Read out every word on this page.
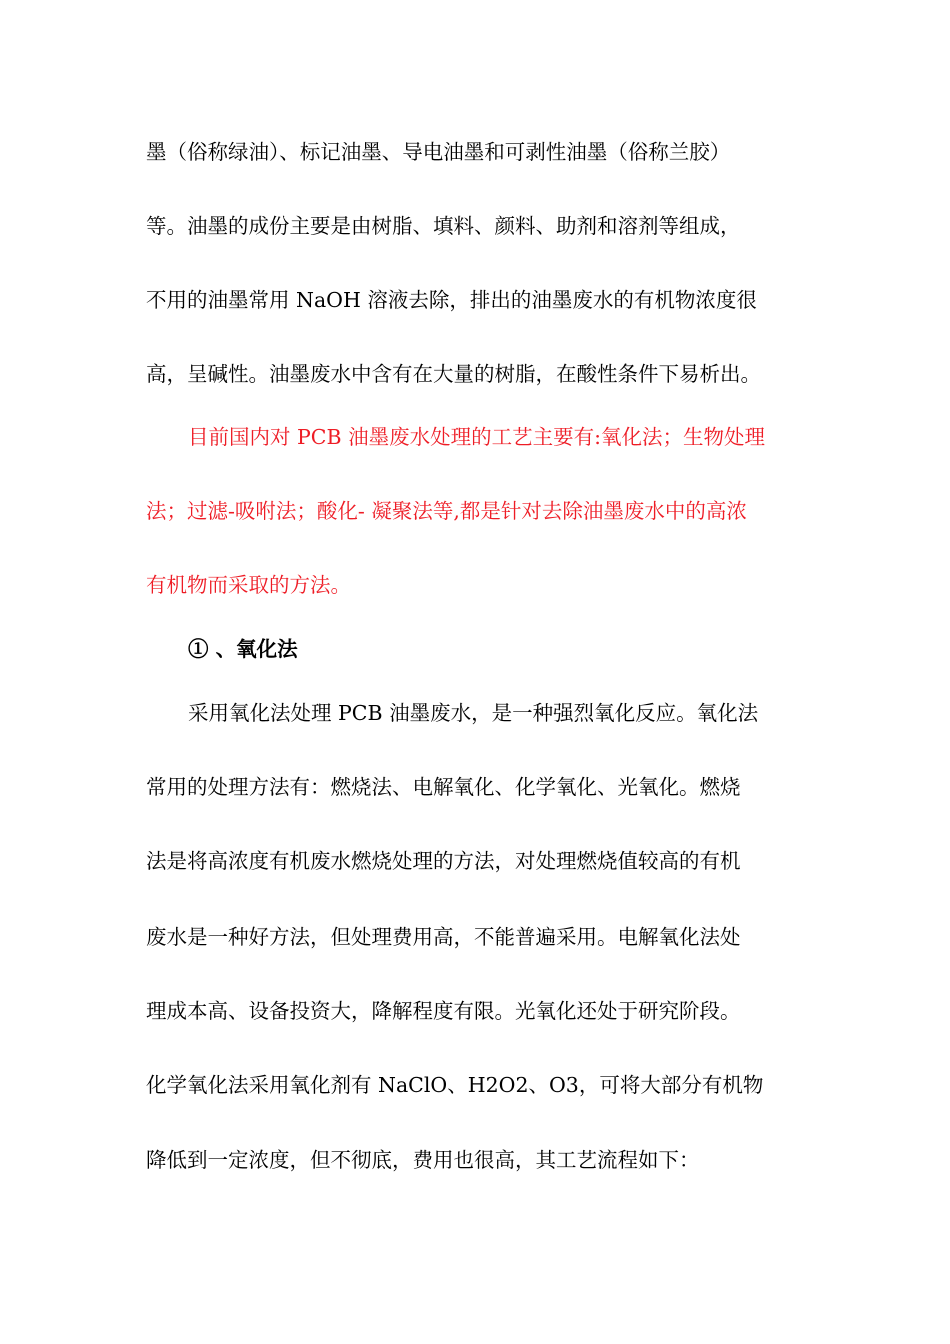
墨（俗称绿油）、标记油墨、导电油墨和可剥性油墨（俗称兰胶）
等。油墨的成份主要是由树脂、填料、颜料、助剂和溶剂等组成，
不用的油墨常用 NaOH 溶液去除，排出的油墨废水的有机物浓度很
高，呈碱性。油墨废水中含有在大量的树脂，在酸性条件下易析出。
目前国内对 PCB 油墨废水处理的工艺主要有:氧化法；生物处理
法；过滤-吸咐法；酸化- 凝聚法等,都是针对去除油墨废水中的高浓
有机物而采取的方法。
① 、氧化法
采用氧化法处理 PCB 油墨废水，是一种强烈氧化反应。氧化法
常用的处理方法有：燃烧法、电解氧化、化学氧化、光氧化。燃烧
法是将高浓度有机废水燃烧处理的方法，对处理燃烧值较高的有机
废水是一种好方法，但处理费用高，不能普遍采用。电解氧化法处
理成本高、设备投资大，降解程度有限。光氧化还处于研究阶段。
化学氧化法采用氧化剂有 NaClO、H2O2、O3，可将大部分有机物
降低到一定浓度，但不彻底，费用也很高，其工艺流程如下：
